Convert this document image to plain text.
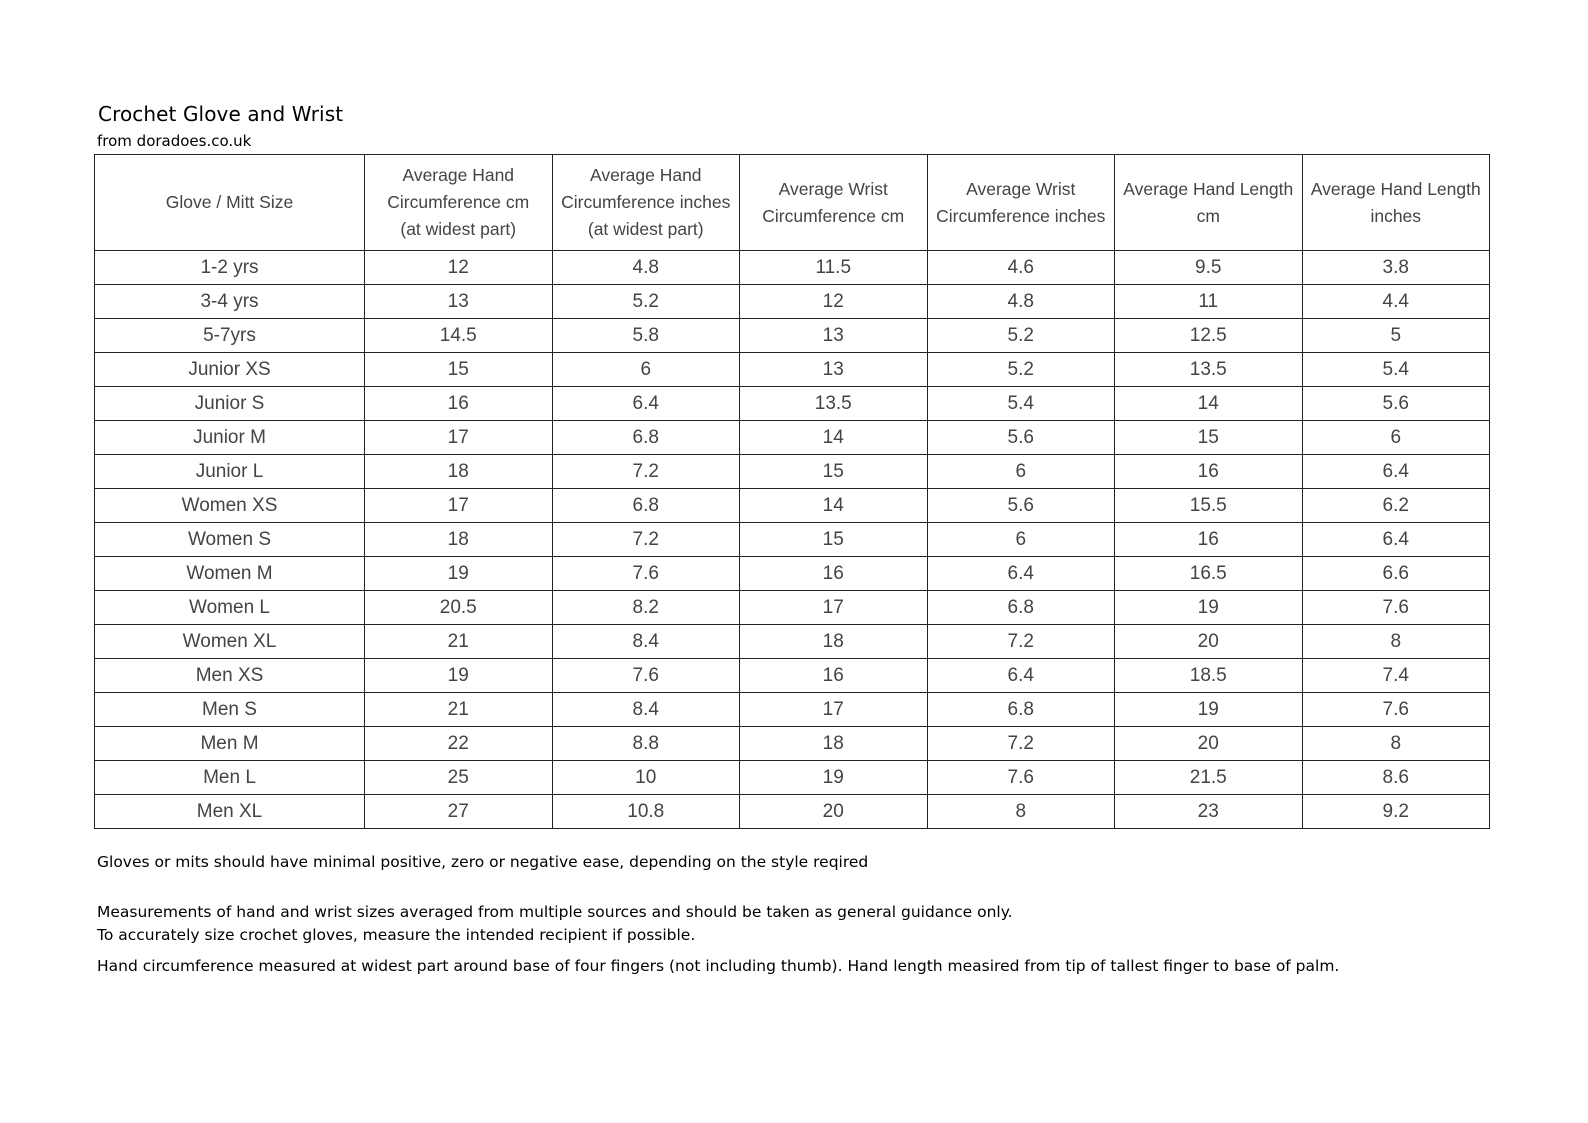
Crochet Glove and Wrist
from doradoes.co.uk
Glove / Mitt Size	Average Hand Circumference cm (at widest part)	Average Hand Circumference inches (at widest part)	Average Wrist Circumference cm	Average Wrist Circumference inches	Average Hand Length cm	Average Hand Length inches
1-2 yrs	12	4.8	11.5	4.6	9.5	3.8
3-4 yrs	13	5.2	12	4.8	11	4.4
5-7yrs	14.5	5.8	13	5.2	12.5	5
Junior XS	15	6	13	5.2	13.5	5.4
Junior S	16	6.4	13.5	5.4	14	5.6
Junior M	17	6.8	14	5.6	15	6
Junior L	18	7.2	15	6	16	6.4
Women XS	17	6.8	14	5.6	15.5	6.2
Women S	18	7.2	15	6	16	6.4
Women M	19	7.6	16	6.4	16.5	6.6
Women L	20.5	8.2	17	6.8	19	7.6
Women XL	21	8.4	18	7.2	20	8
Men XS	19	7.6	16	6.4	18.5	7.4
Men S	21	8.4	17	6.8	19	7.6
Men M	22	8.8	18	7.2	20	8
Men L	25	10	19	7.6	21.5	8.6
Men XL	27	10.8	20	8	23	9.2
Gloves or mits should have minimal positive, zero or negative ease, depending on the style reqired
Measurements of hand and wrist sizes averaged from multiple sources and should be taken as general guidance only.
To accurately size crochet gloves, measure the intended recipient if possible.
Hand circumference measured at widest part around base of four fingers (not including thumb). Hand length measired from tip of tallest finger to base of palm.
